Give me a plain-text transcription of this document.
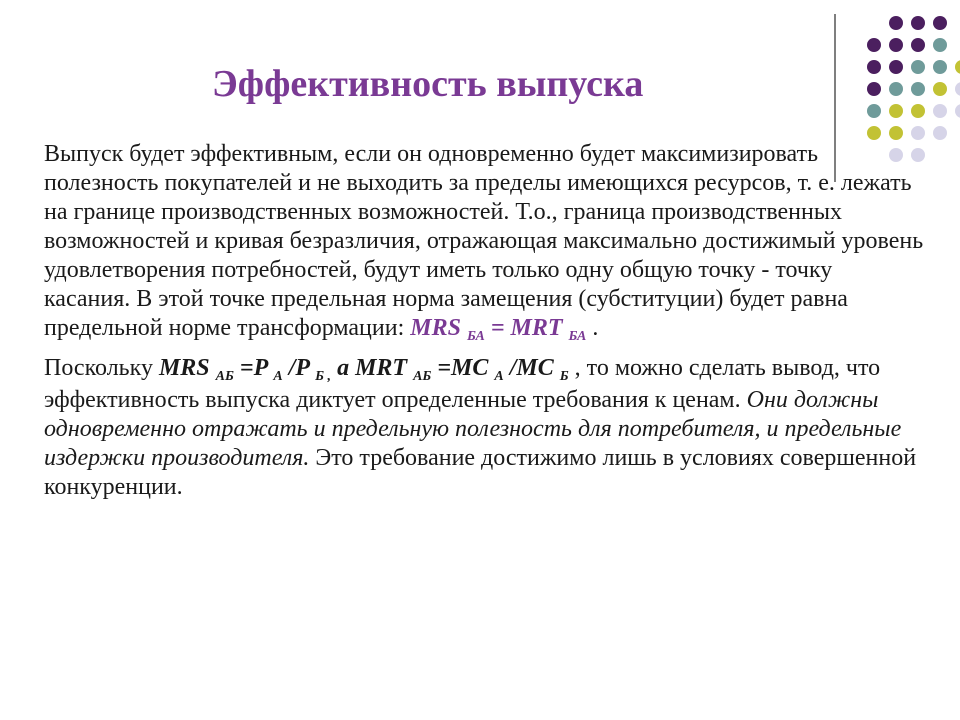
Эффективность выпуска

Выпуск будет эффективным, если он одновременно будет максимизировать полезность покупателей и не выходить за пределы имеющихся ресурсов, т. е. лежать на границе производственных возможностей. Т.о., граница производственных возможностей и кривая безразличия, отражающая максимально достижимый уровень удовлетворения потребностей, будут иметь только одну общую точку - точку касания. В этой точке предельная норма замещения (субституции) будет равна предельной норме трансформации: MRS $_{БА}$ = MRT $_{БА}$ .

Поскольку MRS $_{АБ}$ =P $_А$ /P $_{Б ,}$ а MRT $_{АБ}$ =MC $_А$ /MC $_Б$ , то можно сделать вывод, что эффективность выпуска диктует определенные требования к ценам. Они должны одновременно отражать и предельную полезность для потребителя, и предельные издержки производителя. Это требование достижимо лишь в условиях совершенной конкуренции.
